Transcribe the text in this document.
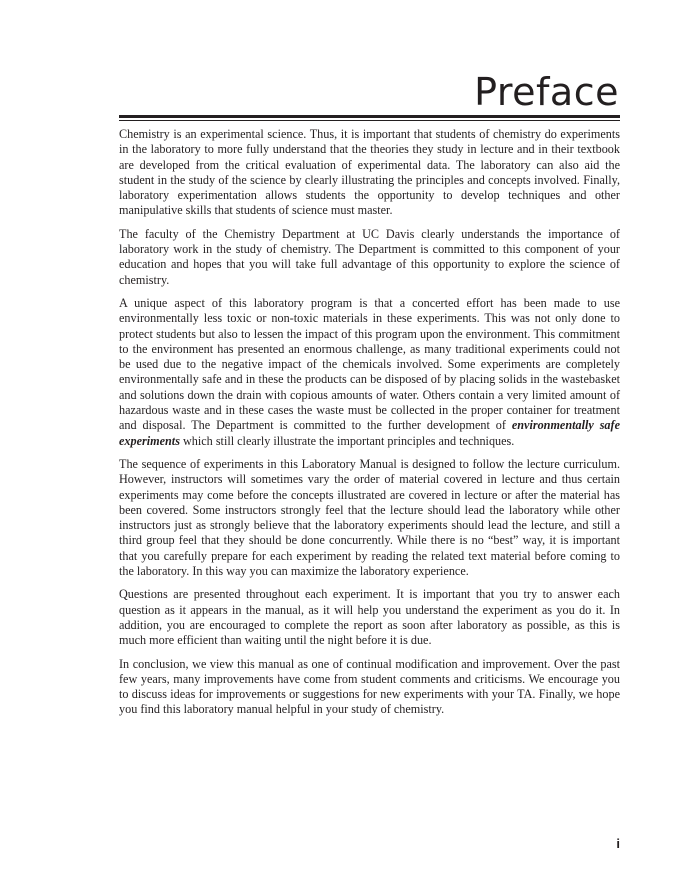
Preface

Chemistry is an experimental science. Thus, it is important that students of chemistry do experiments in the laboratory to more fully understand that the theories they study in lecture and in their textbook are developed from the critical evaluation of experimental data. The laboratory can also aid the student in the study of the science by clearly illustrating the principles and concepts involved. Finally, laboratory experimentation allows students the opportunity to develop techniques and other manipulative skills that students of science must master.

The faculty of the Chemistry Department at UC Davis clearly understands the importance of laboratory work in the study of chemistry. The Department is committed to this component of your education and hopes that you will take full advantage of this opportunity to explore the science of chemistry.

A unique aspect of this laboratory program is that a concerted effort has been made to use environmentally less toxic or non-toxic materials in these experiments. This was not only done to protect students but also to lessen the impact of this program upon the environment. This commitment to the environment has presented an enormous challenge, as many traditional experiments could not be used due to the negative impact of the chemicals involved. Some experiments are completely environmentally safe and in these the products can be disposed of by placing solids in the wastebasket and solutions down the drain with copious amounts of water. Others contain a very limited amount of hazardous waste and in these cases the waste must be collected in the proper container for treatment and disposal. The Department is committed to the further development of environmentally safe experiments which still clearly illustrate the important principles and techniques.

The sequence of experiments in this Laboratory Manual is designed to follow the lecture curriculum. However, instructors will sometimes vary the order of material covered in lecture and thus certain experiments may come before the concepts illustrated are covered in lecture or after the material has been covered. Some instructors strongly feel that the lecture should lead the laboratory while other instructors just as strongly believe that the laboratory experiments should lead the lecture, and still a third group feel that they should be done concurrently. While there is no “best” way, it is important that you carefully prepare for each experiment by reading the related text material before coming to the laboratory. In this way you can maximize the laboratory experience.

Questions are presented throughout each experiment. It is important that you try to answer each question as it appears in the manual, as it will help you understand the experiment as you do it. In addition, you are encouraged to complete the report as soon after laboratory as possible, as this is much more efficient than waiting until the night before it is due.

In conclusion, we view this manual as one of continual modification and improvement. Over the past few years, many improvements have come from student comments and criticisms. We encourage you to discuss ideas for improvements or suggestions for new experiments with your TA. Finally, we hope you find this laboratory manual helpful in your study of chemistry.

i
